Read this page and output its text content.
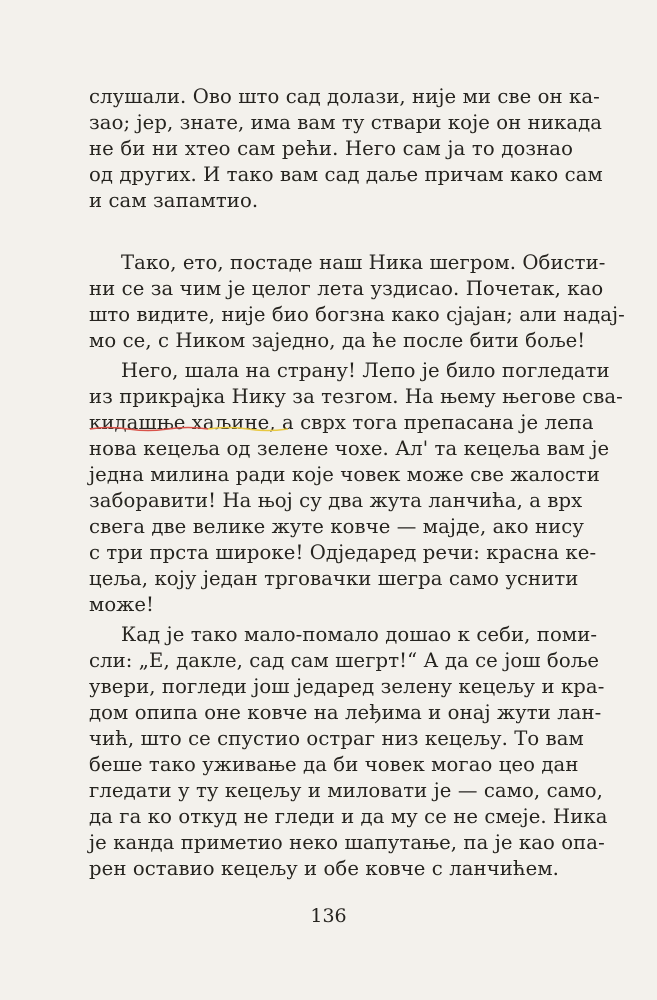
слушали. Ово што сад долази, није ми све он ка-
зао; јер, знате, има вам ту ствари које он никада
не би ни хтео сам рећи. Него сам ја то дознао
од других. И тако вам сад даље причам како сам
и сам запамтио.
Тако, ето, постаде наш Ника шегром. Обисти-
ни се за чим је целог лета уздисао. Почетак, као
што видите, није био богзна како сјајан; али надај-
мо се, с Ником заједно, да ће после бити боље!
Него, шала на страну! Лепо је било погледати
из прикрајка Нику за тезгом. На њему његове сва-
кидашње хаљине, а сврх тога препасана је лепа
нова кецеља од зелене чохе. Ал' та кецеља вам је
једна милина ради које човек може све жалости
заборавити! На њој су два жута ланчића, а врх
свега две велике жуте ковче — мајде, ако нису
с три прста широке! Одједаред речи: красна ке-
цеља, коју један трговачки шегра само уснити
може!
Кад је тако мало-помало дошао к себи, поми-
сли: „Е, дакле, сад сам шегрт!“ А да се још боље
увери, погледи још једаред зелену кецељу и кра-
дом опипа оне ковче на леђима и онај жути лан-
чић, што се спустио остраг низ кецељу. То вам
беше тако уживање да би човек могао цео дан
гледати у ту кецељу и миловати је — само, само,
да га ко откуд не гледи и да му се не смеје. Ника
136
је канда приметио неко шапутање, па је као опа-
рен оставио кецељу и обе ковче с ланчићем.
